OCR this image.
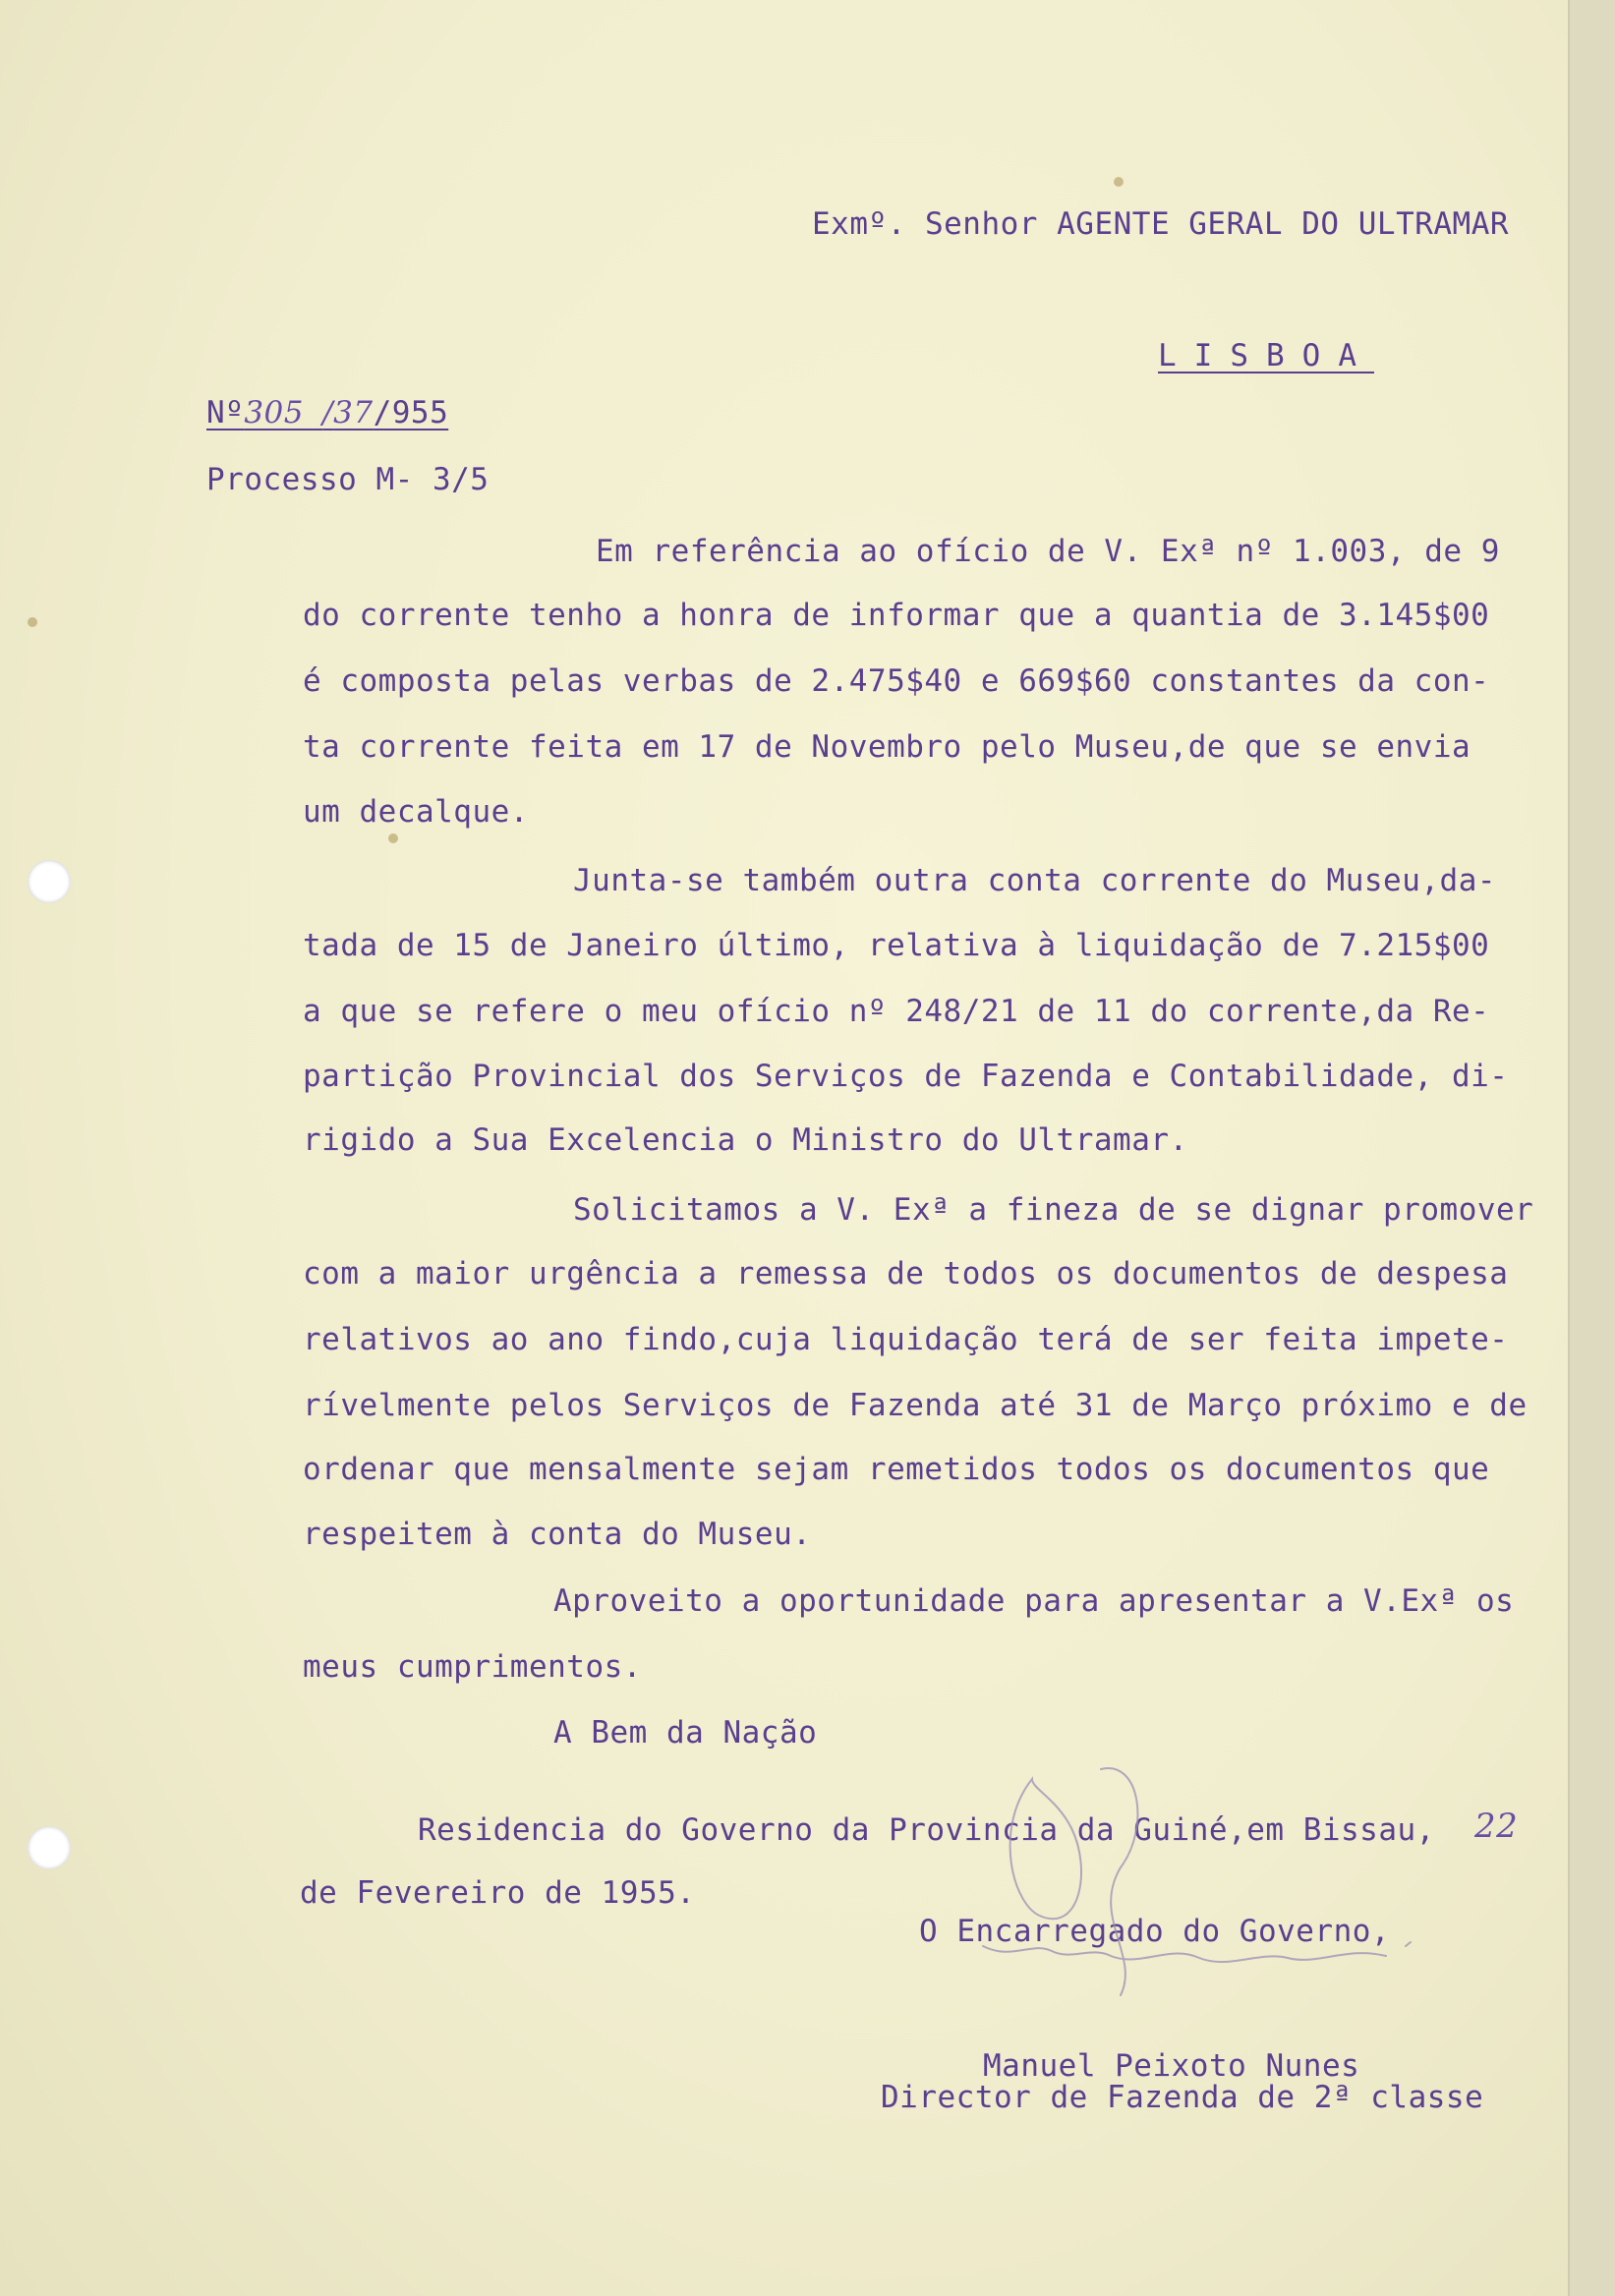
Exmº. Senhor AGENTE GERAL DO ULTRAMAR
LISBOA
Nº305 /37/955
Processo M- 3/5
Em referência ao ofício de V. Exª nº 1.003, de 9
do corrente tenho a honra de informar que a quantia de 3.145$00
é composta pelas verbas de 2.475$40 e 669$60 constantes da con-
ta corrente feita em 17 de Novembro pelo Museu,de que se envia
um decalque.
Junta-se também outra conta corrente do Museu,da-
tada de 15 de Janeiro último, relativa à liquidação de 7.215$00
a que se refere o meu ofício nº 248/21 de 11 do corrente,da Re-
partição Provincial dos Serviços de Fazenda e Contabilidade, di-
rigido a Sua Excelencia o Ministro do Ultramar.
Solicitamos a V. Exª a fineza de se dignar promover
com a maior urgência a remessa de todos os documentos de despesa
relativos ao ano findo,cuja liquidação terá de ser feita impete-
rívelmente pelos Serviços de Fazenda até 31 de Março próximo e de
ordenar que mensalmente sejam remetidos todos os documentos que
respeitem à conta do Museu.
Aproveito a oportunidade para apresentar a V.Exª os
meus cumprimentos.
A Bem da Nação
Residencia do Governo da Provincia da Guiné,em Bissau, 22
de Fevereiro de 1955.
O Encarregado do Governo,
Manuel Peixoto Nunes
Director de Fazenda de 2ª classe
